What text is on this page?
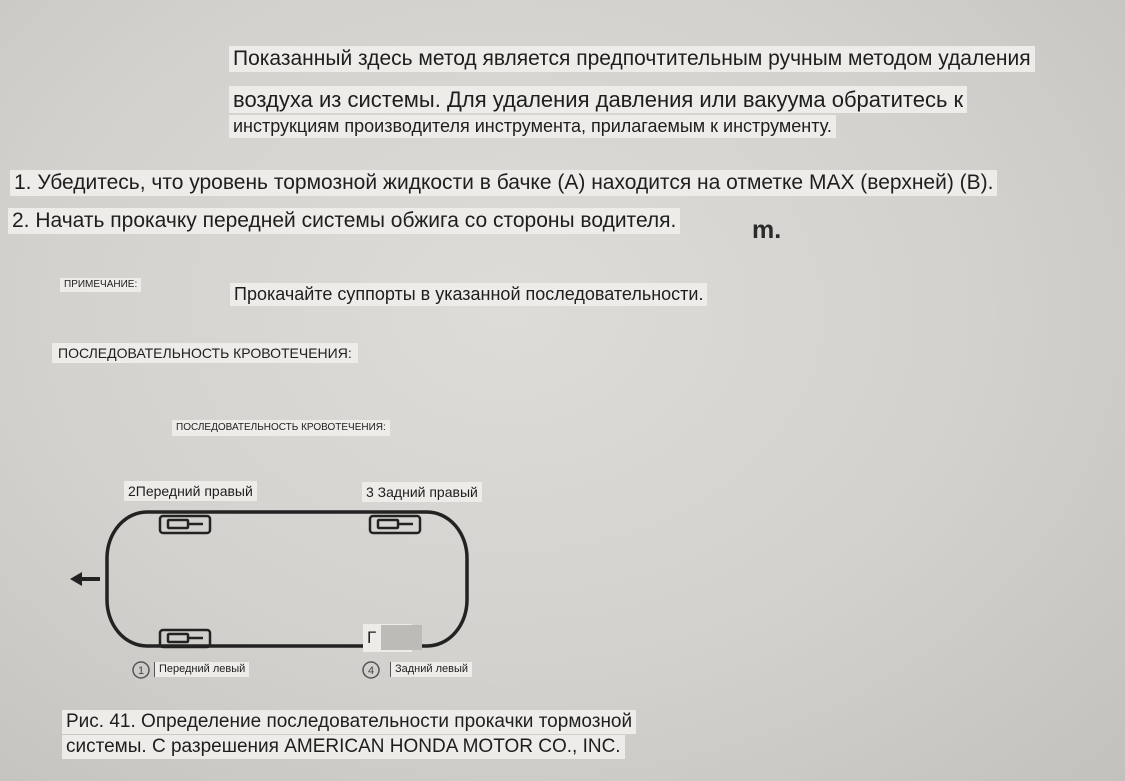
Показанный здесь метод является предпочтительным ручным методом удаления
воздуха из системы. Для удаления давления или вакуума обратитесь к
инструкциям производителя инструмента, прилагаемым к инструменту.
1. Убедитесь, что уровень тормозной жидкости в бачке (A) находится на отметке MAX (верхней) (B).
m.
2. Начать прокачку передней системы обжига со стороны водителя.
ПРИМЕЧАНИЕ:	Прокачайте суппорты в указанной последовательности.
ПОСЛЕДОВАТЕЛЬНОСТЬ КРОВОТЕЧЕНИЯ:
1	4
ПОСЛЕДОВАТЕЛЬНОСТЬ КРОВОТЕЧЕНИЯ:
2Передний правый	3 Задний правый
Передний левый	Задний левый
Г
Рис. 41. Определение последовательности прокачки тормозной
системы. С разрешения AMERICAN HONDA MOTOR CO., INC.
